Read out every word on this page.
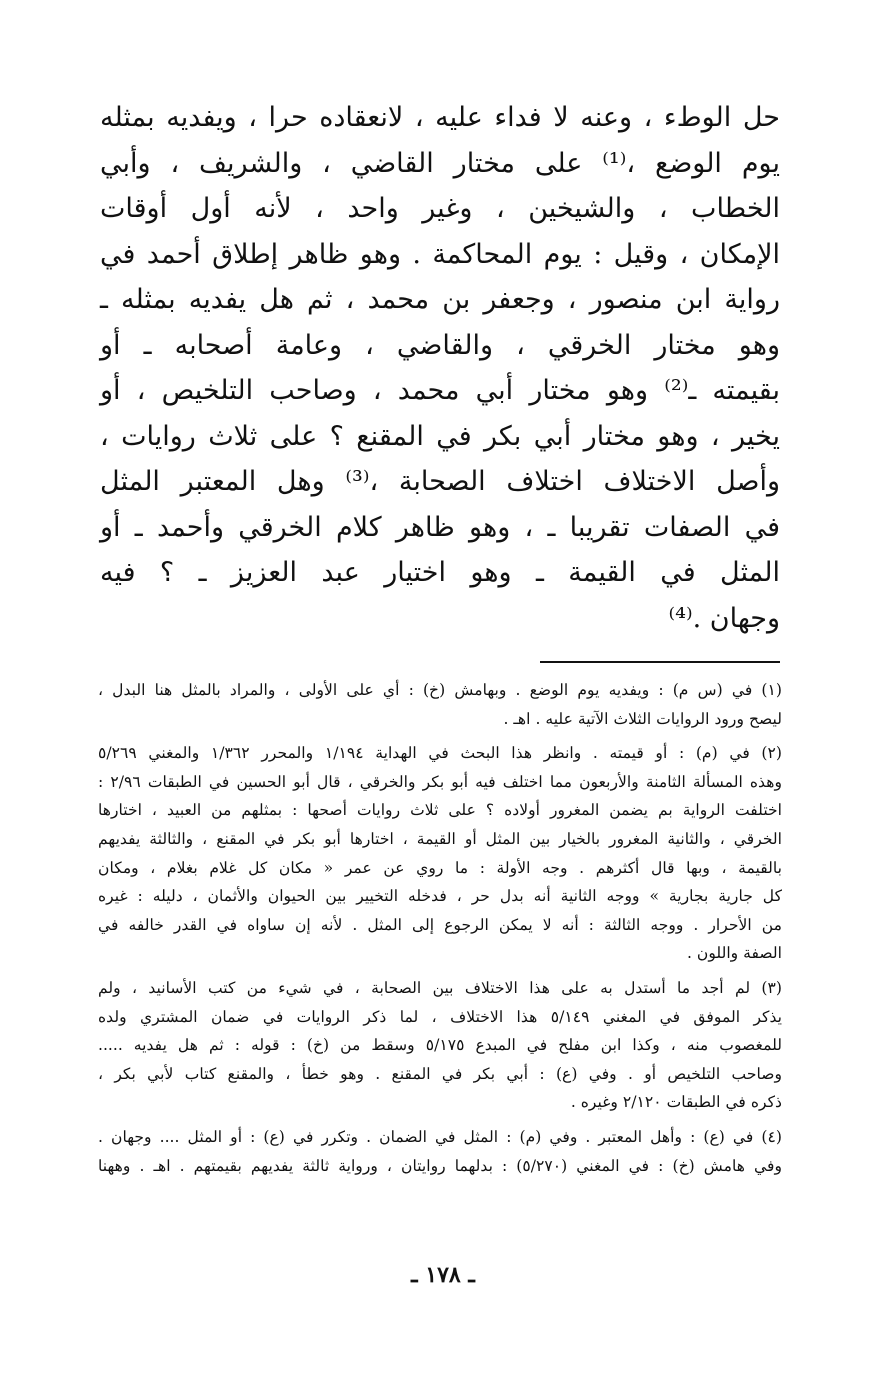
حل الوطء ، وعنه لا فداء عليه ، لانعقاده حرا ، ويفديه بمثله
يوم الوضع ،⁽¹⁾ على مختار القاضي ، والشريف ، وأبي
الخطاب ، والشيخين ، وغير واحد ، لأنه أول أوقات
الإمكان ، وقيل : يوم المحاكمة . وهو ظاهر إطلاق أحمد في
رواية ابن منصور ، وجعفر بن محمد ، ثم هل يفديه بمثله ـ
وهو مختار الخرقي ، والقاضي ، وعامة أصحابه ـ أو
بقيمته ـ⁽²⁾ وهو مختار أبي محمد ، وصاحب التلخيص ، أو
يخير ، وهو مختار أبي بكر في المقنع ؟ على ثلاث روايات ،
وأصل الاختلاف اختلاف الصحابة ،⁽³⁾ وهل المعتبر المثل
في الصفات تقريبا ـ ، وهو ظاهر كلام الخرقي وأحمد ـ أو
المثل في القيمة ـ وهو اختيار عبد العزيز ـ ؟ فيه
وجهان .⁽⁴⁾
(١) في (س م) : ويفديه يوم الوضع . وبهامش (خ) : أي على الأولى ، والمراد بالمثل هنا البدل ،
ليصح ورود الروايات الثلاث الآتية عليه . اهـ .
(٢) في (م) : أو قيمته . وانظر هذا البحث في الهداية ١/١٩٤ والمحرر ١/٣٦٢ والمغني ٥/٢٦٩
وهذه المسألة الثامنة والأربعون مما اختلف فيه أبو بكر والخرقي ، قال أبو الحسين في الطبقات ٢/٩٦ :
اختلفت الرواية بم يضمن المغرور أولاده ؟ على ثلاث روايات أصحها : بمثلهم من العبيد ، اختارها
الخرقي ، والثانية المغرور بالخيار بين المثل أو القيمة ، اختارها أبو بكر في المقنع ، والثالثة يفديهم
بالقيمة ، وبها قال أكثرهم . وجه الأولة : ما روي عن عمر « مكان كل غلام بغلام ، ومكان
كل جارية بجارية » ووجه الثانية أنه بدل حر ، فدخله التخيير بين الحيوان والأثمان ، دليله : غيره
من الأحرار . ووجه الثالثة : أنه لا يمكن الرجوع إلى المثل . لأنه إن ساواه في القدر خالفه في
الصفة واللون .
(٣) لم أجد ما أستدل به على هذا الاختلاف بين الصحابة ، في شيء من كتب الأسانيد ، ولم
يذكر الموفق في المغني ٥/١٤٩ هذا الاختلاف ، لما ذكر الروايات في ضمان المشتري ولده
للمغصوب منه ، وكذا ابن مفلح في المبدع ٥/١٧٥ وسقط من (خ) : قوله : ثم هل يفديه .....
وصاحب التلخيص أو . وفي (ع) : أبي بكر في المقنع . وهو خطأ ، والمقنع كتاب لأبي بكر ،
ذكره في الطبقات ٢/١٢٠ وغيره .
(٤) في (ع) : وأهل المعتبر . وفي (م) : المثل في الضمان . وتكرر في (ع) : أو المثل .... وجهان .
وفي هامش (خ) : في المغني (٥/٢٧٠) : بدلهما روايتان ، ورواية ثالثة يفديهم بقيمتهم . اهـ . وههنا
ـ ١٧٨ ـ
